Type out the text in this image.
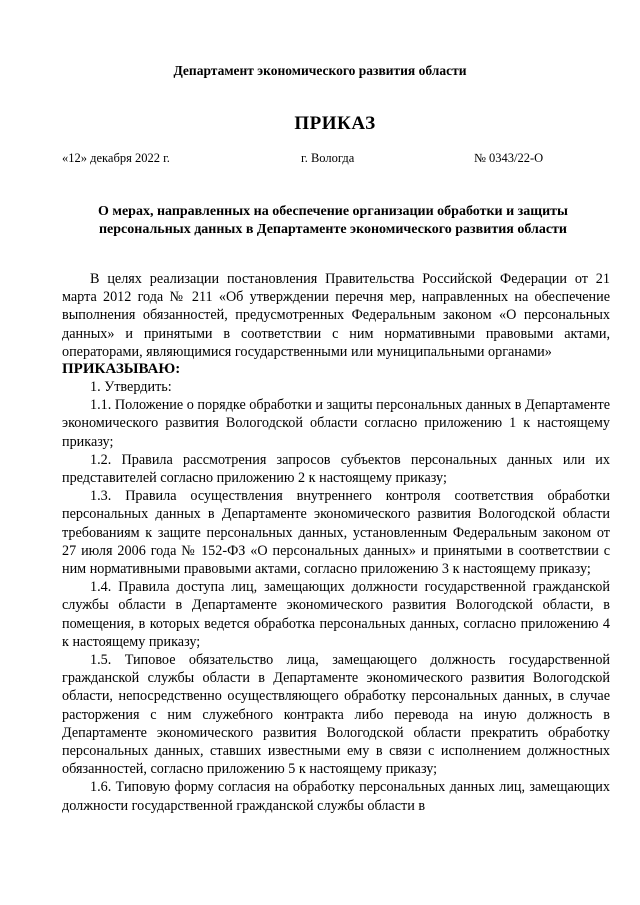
Департамент экономического развития области
ПРИКАЗ
«12» декабря 2022 г.	г. Вологда	№ 0343/22-О
О мерах, направленных на обеспечение организации обработки и защиты персональных данных в Департаменте экономического развития области

В целях реализации постановления Правительства Российской Федерации от 21 марта 2012 года № 211 «Об утверждении перечня мер, направленных на обеспечение выполнения обязанностей, предусмотренных Федеральным законом «О персональных данных» и принятыми в соответствии с ним нормативными правовыми актами, операторами, являющимися государственными или муниципальными органами»

ПРИКАЗЫВАЮ:

1. Утвердить:

1.1. Положение о порядке обработки и защиты персональных данных в Департаменте экономического развития Вологодской области согласно приложению 1 к настоящему приказу;

1.2. Правила рассмотрения запросов субъектов персональных данных или их представителей согласно приложению 2 к настоящему приказу;

1.3. Правила осуществления внутреннего контроля соответствия обработки персональных данных в Департаменте экономического развития Вологодской области требованиям к защите персональных данных, установленным Федеральным законом от 27 июля 2006 года № 152-ФЗ «О персональных данных» и принятыми в соответствии с ним нормативными правовыми актами, согласно приложению 3 к настоящему приказу;

1.4. Правила доступа лиц, замещающих должности государственной гражданской службы области в Департаменте экономического развития Вологодской области, в помещения, в которых ведется обработка персональных данных, согласно приложению 4 к настоящему приказу;

1.5. Типовое обязательство лица, замещающего должность государственной гражданской службы области в Департаменте экономического развития Вологодской области, непосредственно осуществляющего обработку персональных данных, в случае расторжения с ним служебного контракта либо перевода на иную должность в Департаменте экономического развития Вологодской области прекратить обработку персональных данных, ставших известными ему в связи с исполнением должностных обязанностей, согласно приложению 5 к настоящему приказу;

1.6. Типовую форму согласия на обработку персональных данных лиц, замещающих должности государственной гражданской службы области в
